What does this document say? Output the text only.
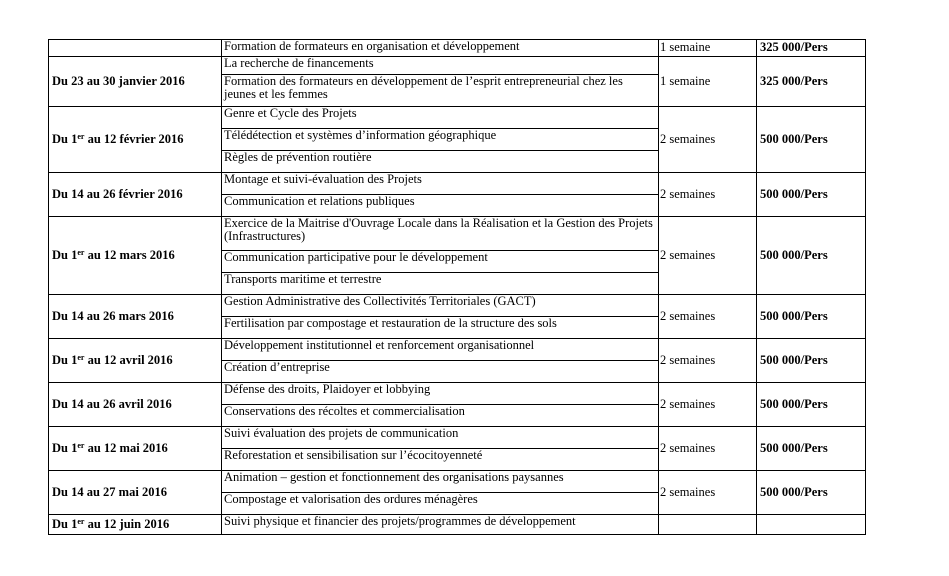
	Formation de formateurs en organisation et développement	1 semaine	325 000/Pers
Du 23 au 30 janvier 2016	La recherche de financements	1 semaine	325 000/Pers
	Formation des formateurs en développement de l’esprit entrepreneurial chez les jeunes et les femmes		
Du 1er au 12 février 2016	Genre et Cycle des Projets	2 semaines	500 000/Pers
	Télédétection et systèmes d’information géographique		
	Règles de prévention routière		
Du 14 au 26 février 2016	Montage et suivi-évaluation des Projets	2 semaines	500 000/Pers
	Communication et relations publiques		
Du 1er au 12 mars 2016	Exercice de la Maitrise d'Ouvrage Locale dans la Réalisation et la Gestion des Projets (Infrastructures)	2 semaines	500 000/Pers
	Communication participative pour le développement		
	Transports maritime et terrestre		
Du 14 au 26 mars 2016	Gestion Administrative des Collectivités Territoriales (GACT)	2 semaines	500 000/Pers
	Fertilisation par compostage et restauration de la structure des sols		
Du 1er au 12 avril 2016	Développement institutionnel et renforcement organisationnel	2 semaines	500 000/Pers
	Création d’entreprise		
Du 14 au 26 avril 2016	Défense des droits, Plaidoyer et lobbying	2 semaines	500 000/Pers
	Conservations des récoltes et commercialisation		
Du 1er au 12 mai 2016	Suivi évaluation des projets de communication	2 semaines	500 000/Pers
	Reforestation et sensibilisation sur l’écocitoyenneté		
Du 14 au 27 mai 2016	Animation – gestion et fonctionnement des organisations paysannes	2 semaines	500 000/Pers
	Compostage et valorisation des ordures ménagères		
Du 1er au 12 juin 2016	Suivi physique et financier des projets/programmes de développement		
